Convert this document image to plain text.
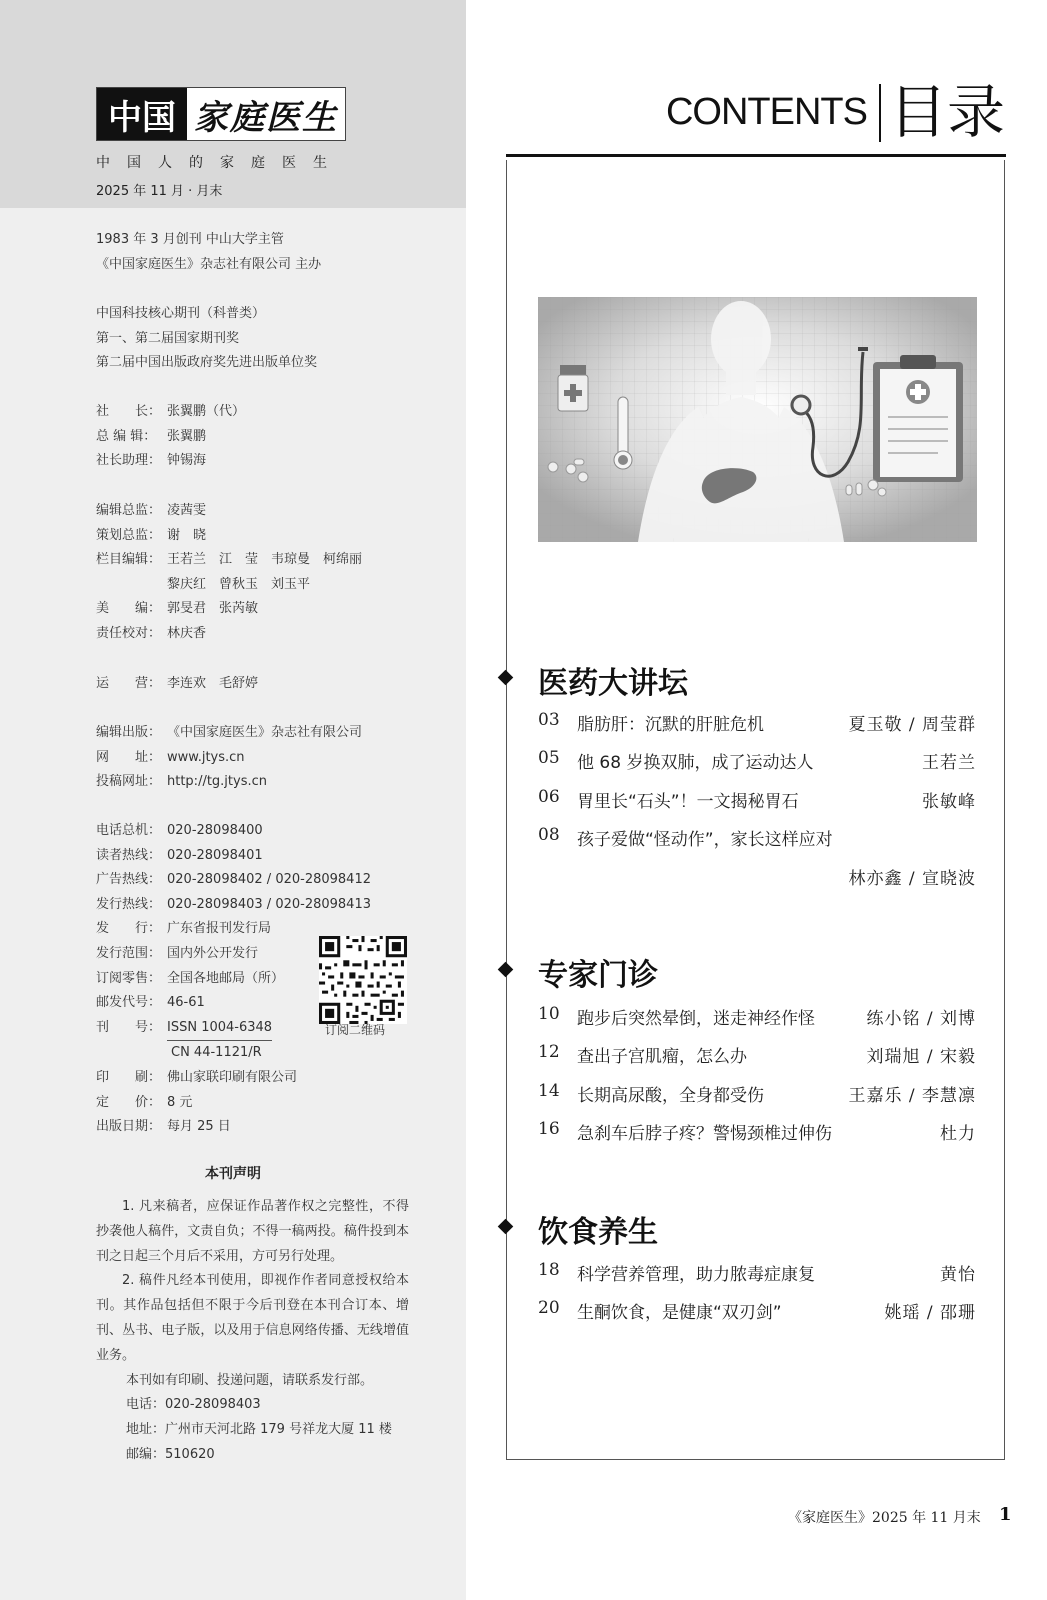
中国 家庭医生
中国人的家庭医生
2025 年 11 月 · 月末
1983 年 3 月创刊 中山大学主管
《中国家庭医生》杂志社有限公司 主办
中国科技核心期刊（科普类）
第一、第二届国家期刊奖
第二届中国出版政府奖先进出版单位奖
社　　长： 张翼鹏（代）
总 编 辑： 张翼鹏
社长助理： 钟锡海
编辑总监： 凌茜雯
策划总监： 谢　晓
栏目编辑： 王若兰　江　莹　韦琼曼　柯绵丽
黎庆红　曾秋玉　刘玉平
美　　编： 郭旻君　张芮敏
责任校对： 林庆香
运　　营： 李连欢　毛舒婷
编辑出版： 《中国家庭医生》杂志社有限公司
网　　址： www.jtys.cn
投稿网址： http://tg.jtys.cn
电话总机： 020-28098400
读者热线： 020-28098401
广告热线： 020-28098402 / 020-28098412
发行热线： 020-28098403 / 020-28098413
发　　行： 广东省报刊发行局
发行范围： 国内外公开发行
订阅零售： 全国各地邮局（所）
邮发代号： 46-61
刊　　号： ISSN 1004-6348
CN 44-1121/R
印　　刷： 佛山家联印刷有限公司
定　　价： 8 元
出版日期： 每月 25 日
订阅二维码
本刊声明

1. 凡来稿者，应保证作品著作权之完整性，不得抄袭他人稿件，文责自负；不得一稿两投。稿件投到本刊之日起三个月后不采用，方可另行处理。

2. 稿件凡经本刊使用，即视作作者同意授权给本刊。其作品包括但不限于今后刊登在本刊合订本、增刊、丛书、电子版，以及用于信息网络传播、无线增值业务。

本刊如有印刷、投递问题，请联系发行部。

电话：020-28098403

地址：广州市天河北路 179 号祥龙大厦 11 楼

邮编：510620

CONTENTS 目录
医药大讲坛
03	脂肪肝：沉默的肝脏危机	夏玉敬 / 周莹群
05	他 68 岁换双肺，成了运动达人	王若兰
06	胃里长“石头”！一文揭秘胃石	张敏峰
08	孩子爱做“怪动作”，家长这样应对
林亦鑫 / 宣晓波
专家门诊
10	跑步后突然晕倒，迷走神经作怪	练小铭 / 刘博
12	查出子宫肌瘤，怎么办	刘瑞旭 / 宋毅
14	长期高尿酸，全身都受伤	王嘉乐 / 李慧凛
16	急刹车后脖子疼？警惕颈椎过伸伤	杜力
饮食养生
18	科学营养管理，助力脓毒症康复	黄怡
20	生酮饮食，是健康“双刃剑”	姚瑶 / 邵珊
《家庭医生》2025 年 11 月末 1
